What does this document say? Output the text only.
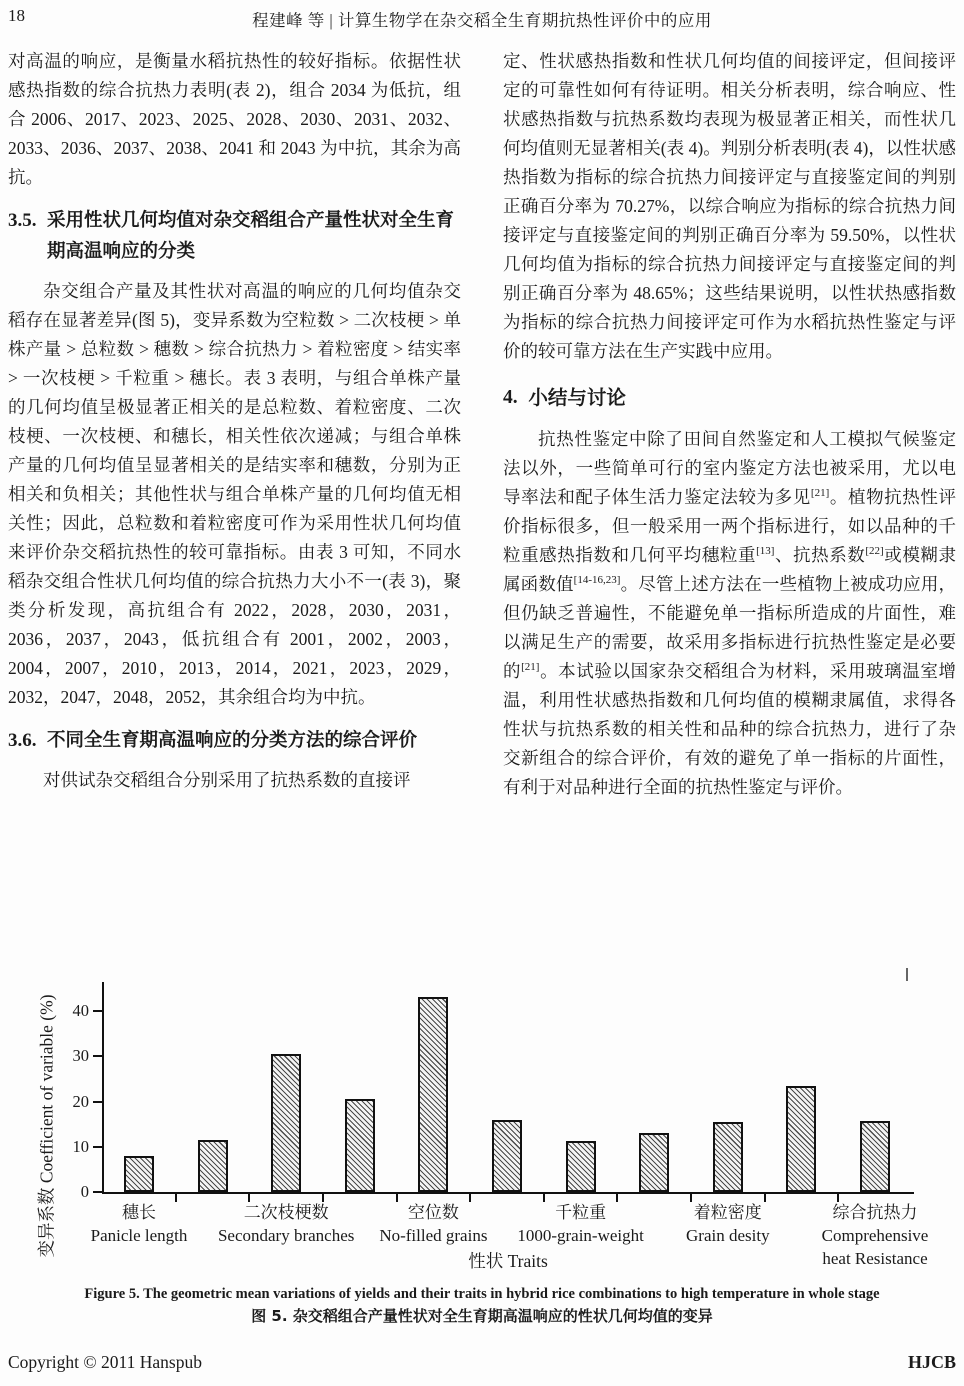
18	程建峰 等 | 计算生物学在杂交稻全生育期抗热性评价中的应用

对高温的响应，是衡量水稻抗热性的较好指标。依据性状感热指数的综合抗热力表明(表 2)，组合 2034 为低抗，组合 2006、2017、2023、2025、2028、2030、2031、2032、2033、2036、2037、2038、2041 和 2043 为中抗，其余为高抗。

3.5. 采用性状几何均值对杂交稻组合产量性状对全生育期高温响应的分类

杂交组合产量及其性状对高温的响应的几何均值杂交稻存在显著差异(图 5)，变异系数为空粒数 > 二次枝梗 > 单株产量 > 总粒数 > 穗数 > 综合抗热力 > 着粒密度 > 结实率 > 一次枝梗 > 千粒重 > 穗长。表 3 表明，与组合单株产量的几何均值呈极显著正相关的是总粒数、着粒密度、二次枝梗、一次枝梗、和穗长，相关性依次递减；与组合单株产量的几何均值呈显著相关的是结实率和穗数，分别为正相关和负相关；其他性状与组合单株产量的几何均值无相关性；因此，总粒数和着粒密度可作为采用性状几何均值来评价杂交稻抗热性的较可靠指标。由表 3 可知，不同水稻杂交组合性状几何均值的综合抗热力大小不一(表 3)，聚类分析发现，高抗组合有 2022，2028，2030，2031，2036，2037，2043，低抗组合有 2001，2002，2003，2004，2007，2010，2013，2014，2021，2023，2029，2032，2047，2048，2052，其余组合均为中抗。

3.6. 不同全生育期高温响应的分类方法的综合评价

对供试杂交稻组合分别采用了抗热系数的直接评

定、性状感热指数和性状几何均值的间接评定，但间接评定的可靠性如何有待证明。相关分析表明，综合响应、性状感热指数与抗热系数均表现为极显著正相关，而性状几何均值则无显著相关(表 4)。判别分析表明(表 4)，以性状感热指数为指标的综合抗热力间接评定与直接鉴定间的判别正确百分率为 70.27%，以综合响应为指标的综合抗热力间接评定与直接鉴定间的判别正确百分率为 59.50%，以性状几何均值为指标的综合抗热力间接评定与直接鉴定间的判别正确百分率为 48.65%；这些结果说明，以性状热感指数为指标的综合抗热力间接评定可作为水稻抗热性鉴定与评价的较可靠方法在生产实践中应用。

4. 小结与讨论

抗热性鉴定中除了田间自然鉴定和人工模拟气候鉴定法以外，一些简单可行的室内鉴定方法也被采用，尤以电导率法和配子体生活力鉴定法较为多见[21]。植物抗热性评价指标很多，但一般采用一两个指标进行，如以品种的千粒重感热指数和几何平均穗粒重[13]、抗热系数[22]或模糊隶属函数值[14-16,23]。尽管上述方法在一些植物上被成功应用，但仍缺乏普遍性，不能避免单一指标所造成的片面性，难以满足生产的需要，故采用多指标进行抗热性鉴定是必要的[21]。本试验以国家杂交稻组合为材料，采用玻璃温室增温，利用性状感热指数和几何均值的模糊隶属值，求得各性状与抗热系数的相关性和品种的综合抗热力，进行了杂交新组合的综合评价，有效的避免了单一指标的片面性，有利于对品种进行全面的抗热性鉴定与评价。

0
10
20
30
40
穗长
Panicle length
二次枝梗数
Secondary branches
空位数
No-filled grains
千粒重
1000-grain-weight
着粒密度
Grain desity
综合抗热力
Comprehensive
heat Resistance
变异系数 Coefficient of variable (%)
性状 Traits
Figure 5. The geometric mean variations of yields and their traits in hybrid rice combinations to high temperature in whole stage
图 5. 杂交稻组合产量性状对全生育期高温响应的性状几何均值的变异
Copyright © 2011 Hanspub	HJCB
